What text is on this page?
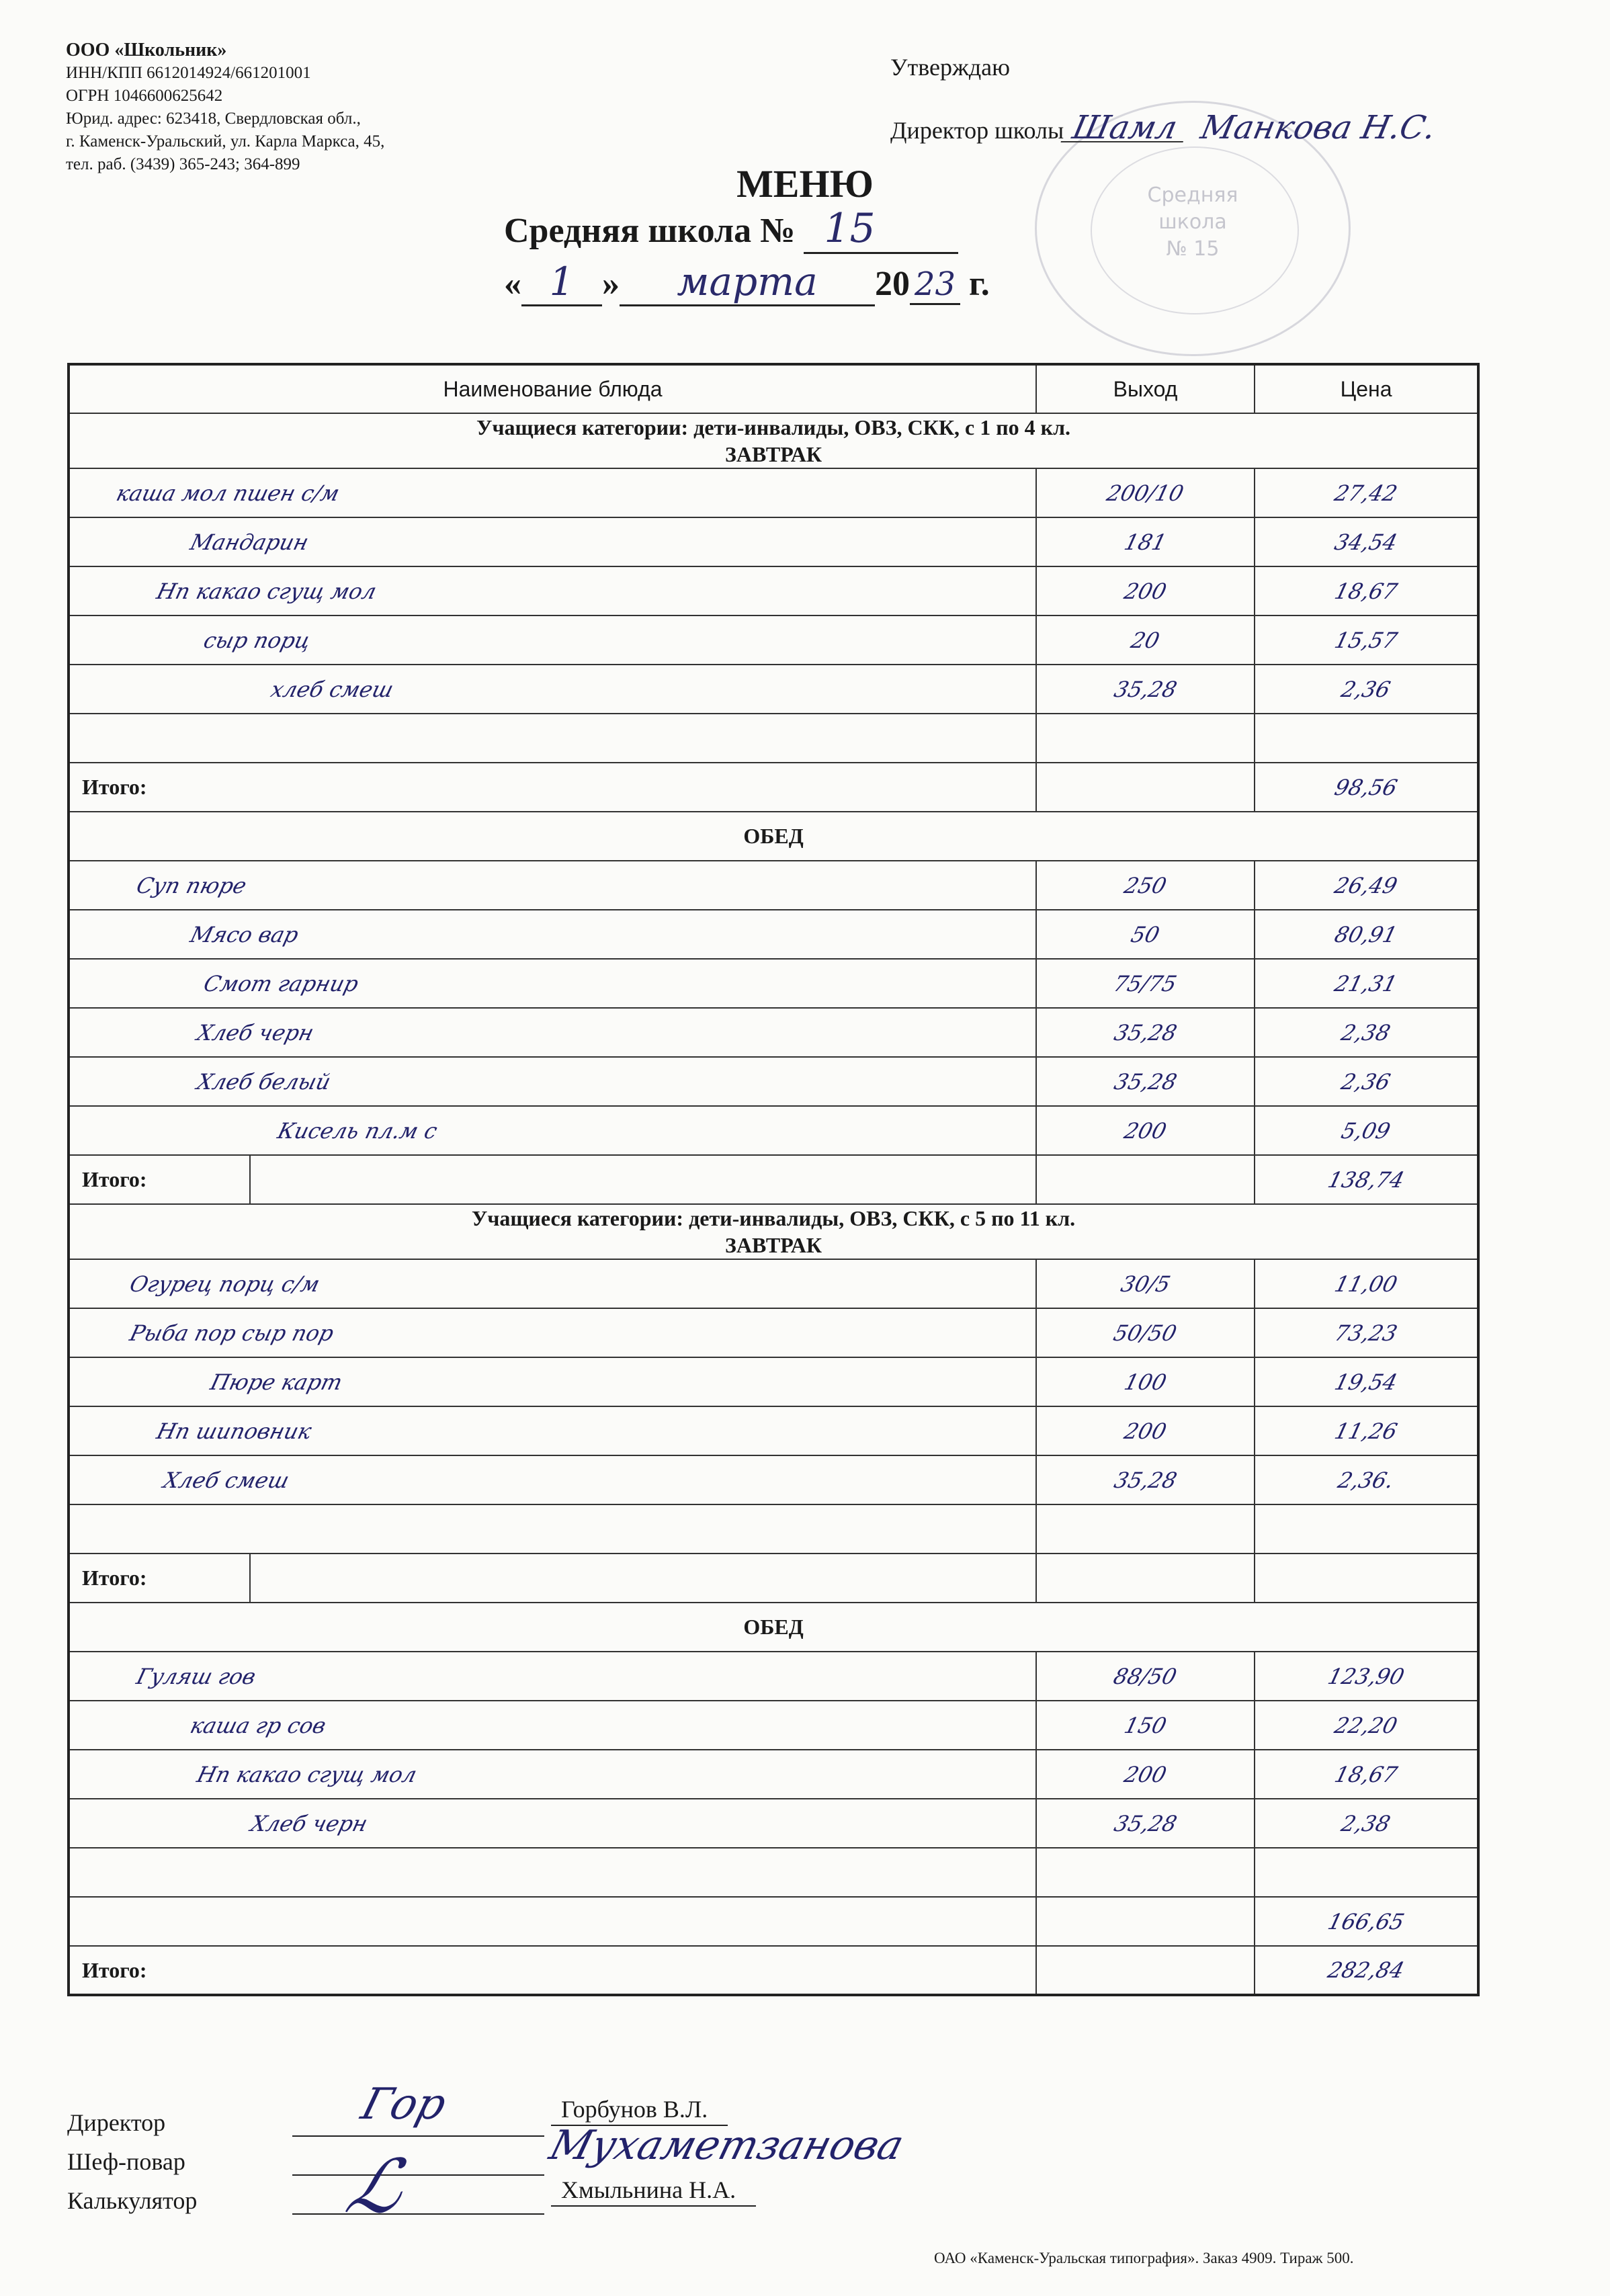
ООО «Школьник»
ИНН/КПП 6612014924/661201001
ОГРН 1046600625642
Юрид. адрес: 623418, Свердловская обл.,
г. Каменск-Уральский, ул. Карла Маркса, 45,
тел. раб. (3439) 365-243; 364-899
Средняя
школа
№ 15
Утверждаю
Директор школы Шамл Манкова Н.С.
МЕНЮ
Средняя школа № 15
« 1 » марта 20 23 г.
Наименование блюда		Выход	Цена

Учащиеся категории: дети-инвалиды, ОВЗ, СКК, с 1 по 4 кл.
ЗАВТРАК			

каша мол пшен с/м		200/10	27,42
Мандарин		181	34,54
Нп какао сгущ мол		200	18,67
сыр порц		20	15,57
хлеб смеш		35,28	2,36

Итого:			98,56
ОБЕД			
Суп пюре		250	26,49
Мясо вар		50	80,91
Смот гарнир		75/75	21,31
Хлеб черн		35,28	2,38
Хлеб белый		35,28	2,36
Кисель пл.м с		200	5,09
Итого:			138,74

Учащиеся категории: дети-инвалиды, ОВЗ, СКК, с 5 по 11 кл.
ЗАВТРАК			

Огурец порц с/м		30/5	11,00
Рыба пор сыр пор		50/50	73,23
Пюре карт		100	19,54
Нп шиповник		200	11,26
Хлеб смеш		35,28	2,36.

Итого:			
ОБЕД			
Гуляш гов		88/50	123,90
каша гр сов		150	22,20
Нп какао сгущ мол		200	18,67
Хлеб черн		35,28	2,38

			166,65
Итого:			282,84
Директор
Шеф-повар
Калькулятор
Гор
ℒ
Горбунов В.Л.
Мухаметзанова
Хмыльнина Н.А.
ОАО «Каменск-Уральская типография». Заказ 4909. Тираж 500.
